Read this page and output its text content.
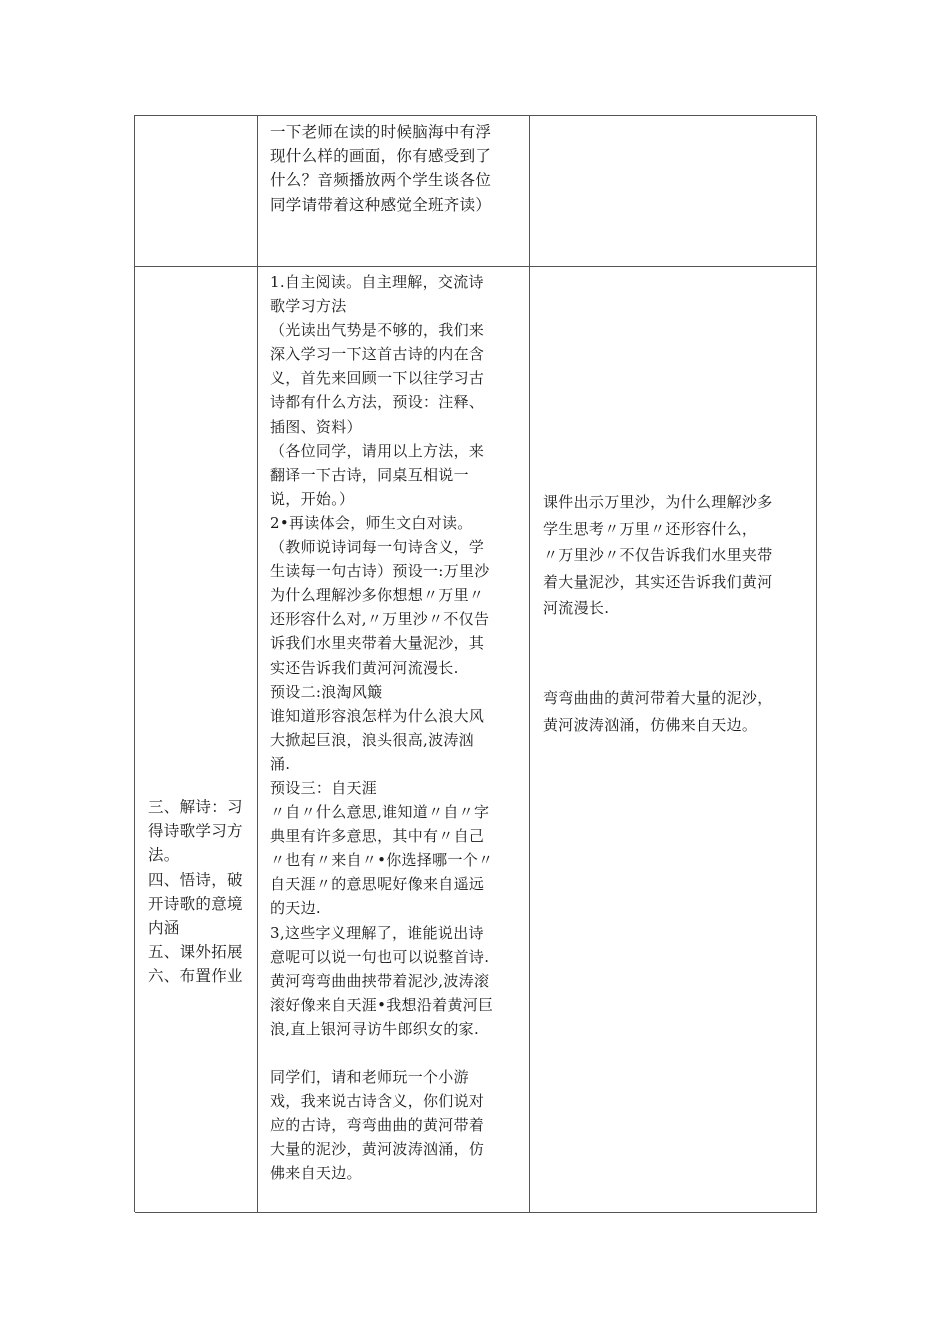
一下老师在读的时候脑海中有浮
现什么样的画面，你有感受到了
什么？音频播放两个学生谈各位
同学请带着这种感觉全班齐读）
三、解诗：习
得诗歌学习方
法。
四、悟诗，破
开诗歌的意境
内涵
五、课外拓展
六、布置作业
1.自主阅读。自主理解，交流诗
歌学习方法
（光读出气势是不够的，我们来
深入学习一下这首古诗的内在含
义，首先来回顾一下以往学习古
诗都有什么方法，预设：注释、
插图、资料）
（各位同学，请用以上方法，来
翻译一下古诗，同桌互相说一
说，开始。）
2•再读体会，师生文白对读。
（教师说诗词每一句诗含义，学
生读每一句古诗）预设一:万里沙
为什么理解沙多你想想〃万里〃
还形容什么对,〃万里沙〃不仅告
诉我们水里夹带着大量泥沙，其
实还告诉我们黄河河流漫长.
预设二:浪淘风簸
谁知道形容浪怎样为什么浪大风
大掀起巨浪，浪头很高,波涛汹
涌.
预设三：自天涯
〃自〃什么意思,谁知道〃自〃字
典里有许多意思，其中有〃自己
〃也有〃来自〃•你选择哪一个〃
自天涯〃的意思呢好像来自遥远
的天边.
3,这些字义理解了，谁能说出诗
意呢可以说一句也可以说整首诗.
黄河弯弯曲曲挟带着泥沙,波涛滚
滚好像来自天涯•我想沿着黄河巨
浪,直上银河寻访牛郎织女的家.
同学们，请和老师玩一个小游
戏，我来说古诗含义，你们说对
应的古诗，弯弯曲曲的黄河带着
大量的泥沙，黄河波涛汹涌，仿
佛来自天边。
课件出示万里沙，为什么理解沙多
学生思考〃万里〃还形容什么，
〃万里沙〃不仅告诉我们水里夹带
着大量泥沙，其实还告诉我们黄河
河流漫长.
弯弯曲曲的黄河带着大量的泥沙，
黄河波涛汹涌，仿佛来自天边。
